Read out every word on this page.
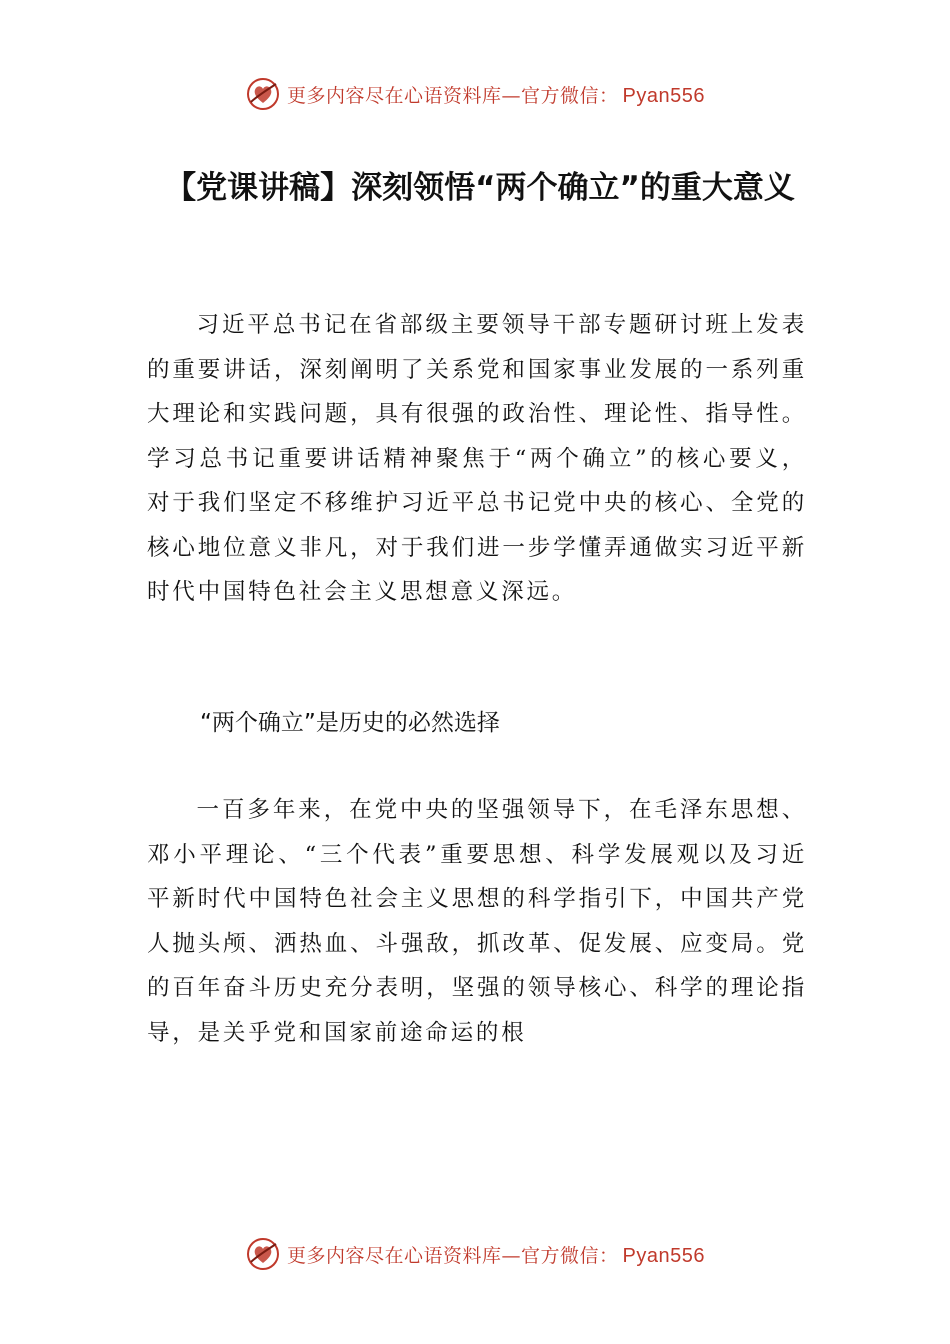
更多内容尽在心语资料库—官方微信： Pyan556
【党课讲稿】深刻领悟“两个确立”的重大意义

习近平总书记在省部级主要领导干部专题研讨班上发表的重要讲话，深刻阐明了关系党和国家事业发展的一系列重大理论和实践问题，具有很强的政治性、理论性、指导性。学习总书记重要讲话精神聚焦于“两个确立”的核心要义，对于我们坚定不移维护习近平总书记党中央的核心、全党的核心地位意义非凡，对于我们进一步学懂弄通做实习近平新时代中国特色社会主义思想意义深远。

“两个确立”是历史的必然选择

一百多年来，在党中央的坚强领导下，在毛泽东思想、邓小平理论、“三个代表”重要思想、科学发展观以及习近平新时代中国特色社会主义思想的科学指引下，中国共产党人抛头颅、洒热血、斗强敌，抓改革、促发展、应变局。党的百年奋斗历史充分表明，坚强的领导核心、科学的理论指导，是关乎党和国家前途命运的根

更多内容尽在心语资料库—官方微信： Pyan556
